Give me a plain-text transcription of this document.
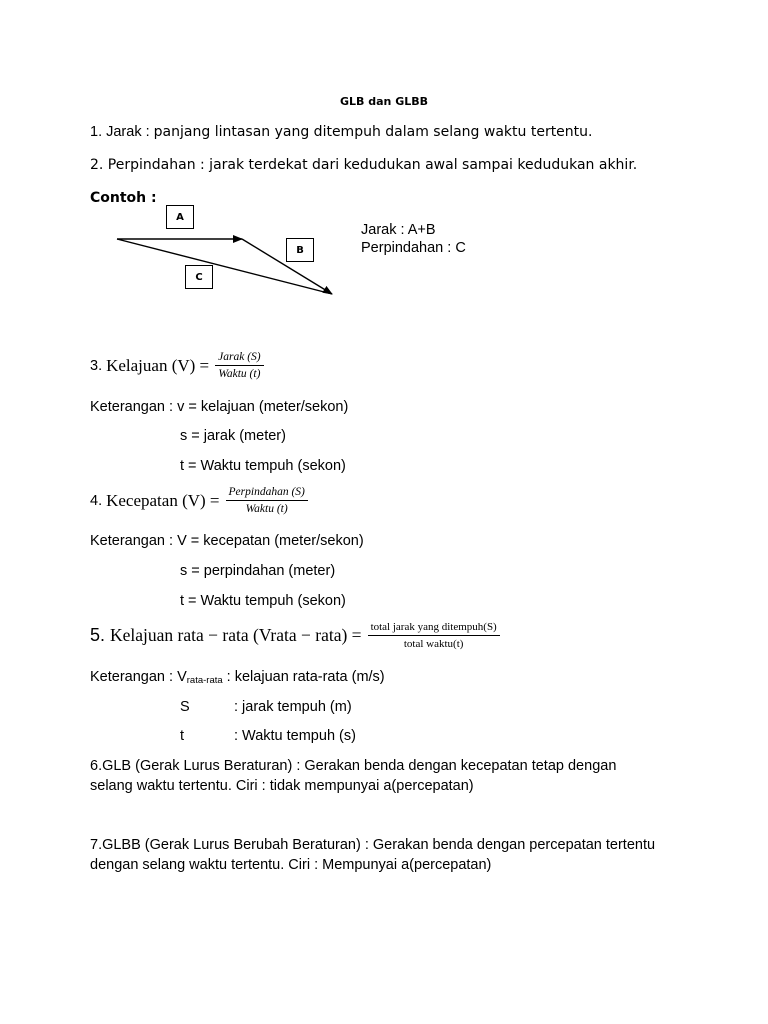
GLB dan GLBB
1. Jarak : panjang lintasan yang ditempuh dalam selang waktu tertentu.
2. Perpindahan : jarak terdekat dari kedudukan awal sampai kedudukan akhir.
Contoh :
A
B
C
Jarak : A+B
Perpindahan : C
3. Kelajuan $(V) = \frac{\text{Jarak (S)}}{\text{Waktu (t)}}$
Keterangan : v = kelajuan (meter/sekon)
s = jarak (meter)
t = Waktu tempuh (sekon)
4. Kecepatan $(V) = \frac{\text{Perpindahan (S)}}{\text{Waktu (t)}}$
Keterangan : V = kecepatan (meter/sekon)
s = perpindahan (meter)
t = Waktu tempuh (sekon)
5. Kelajuan rata − rata (Vrata − rata) = $\frac{\text{total jarak yang ditempuh(S)}}{\text{total waktu(t)}}$
Keterangan : $V_{rata-rata}$ : kelajuan rata-rata (m/s)
S	: jarak tempuh (m)
t	: Waktu tempuh (s)
6.GLB (Gerak Lurus Beraturan) : Gerakan benda dengan kecepatan tetap dengan selang waktu tertentu. Ciri : tidak mempunyai a(percepatan)
7.GLBB (Gerak Lurus Berubah Beraturan) : Gerakan benda dengan percepatan tertentu dengan selang waktu tertentu. Ciri : Mempunyai a(percepatan)
